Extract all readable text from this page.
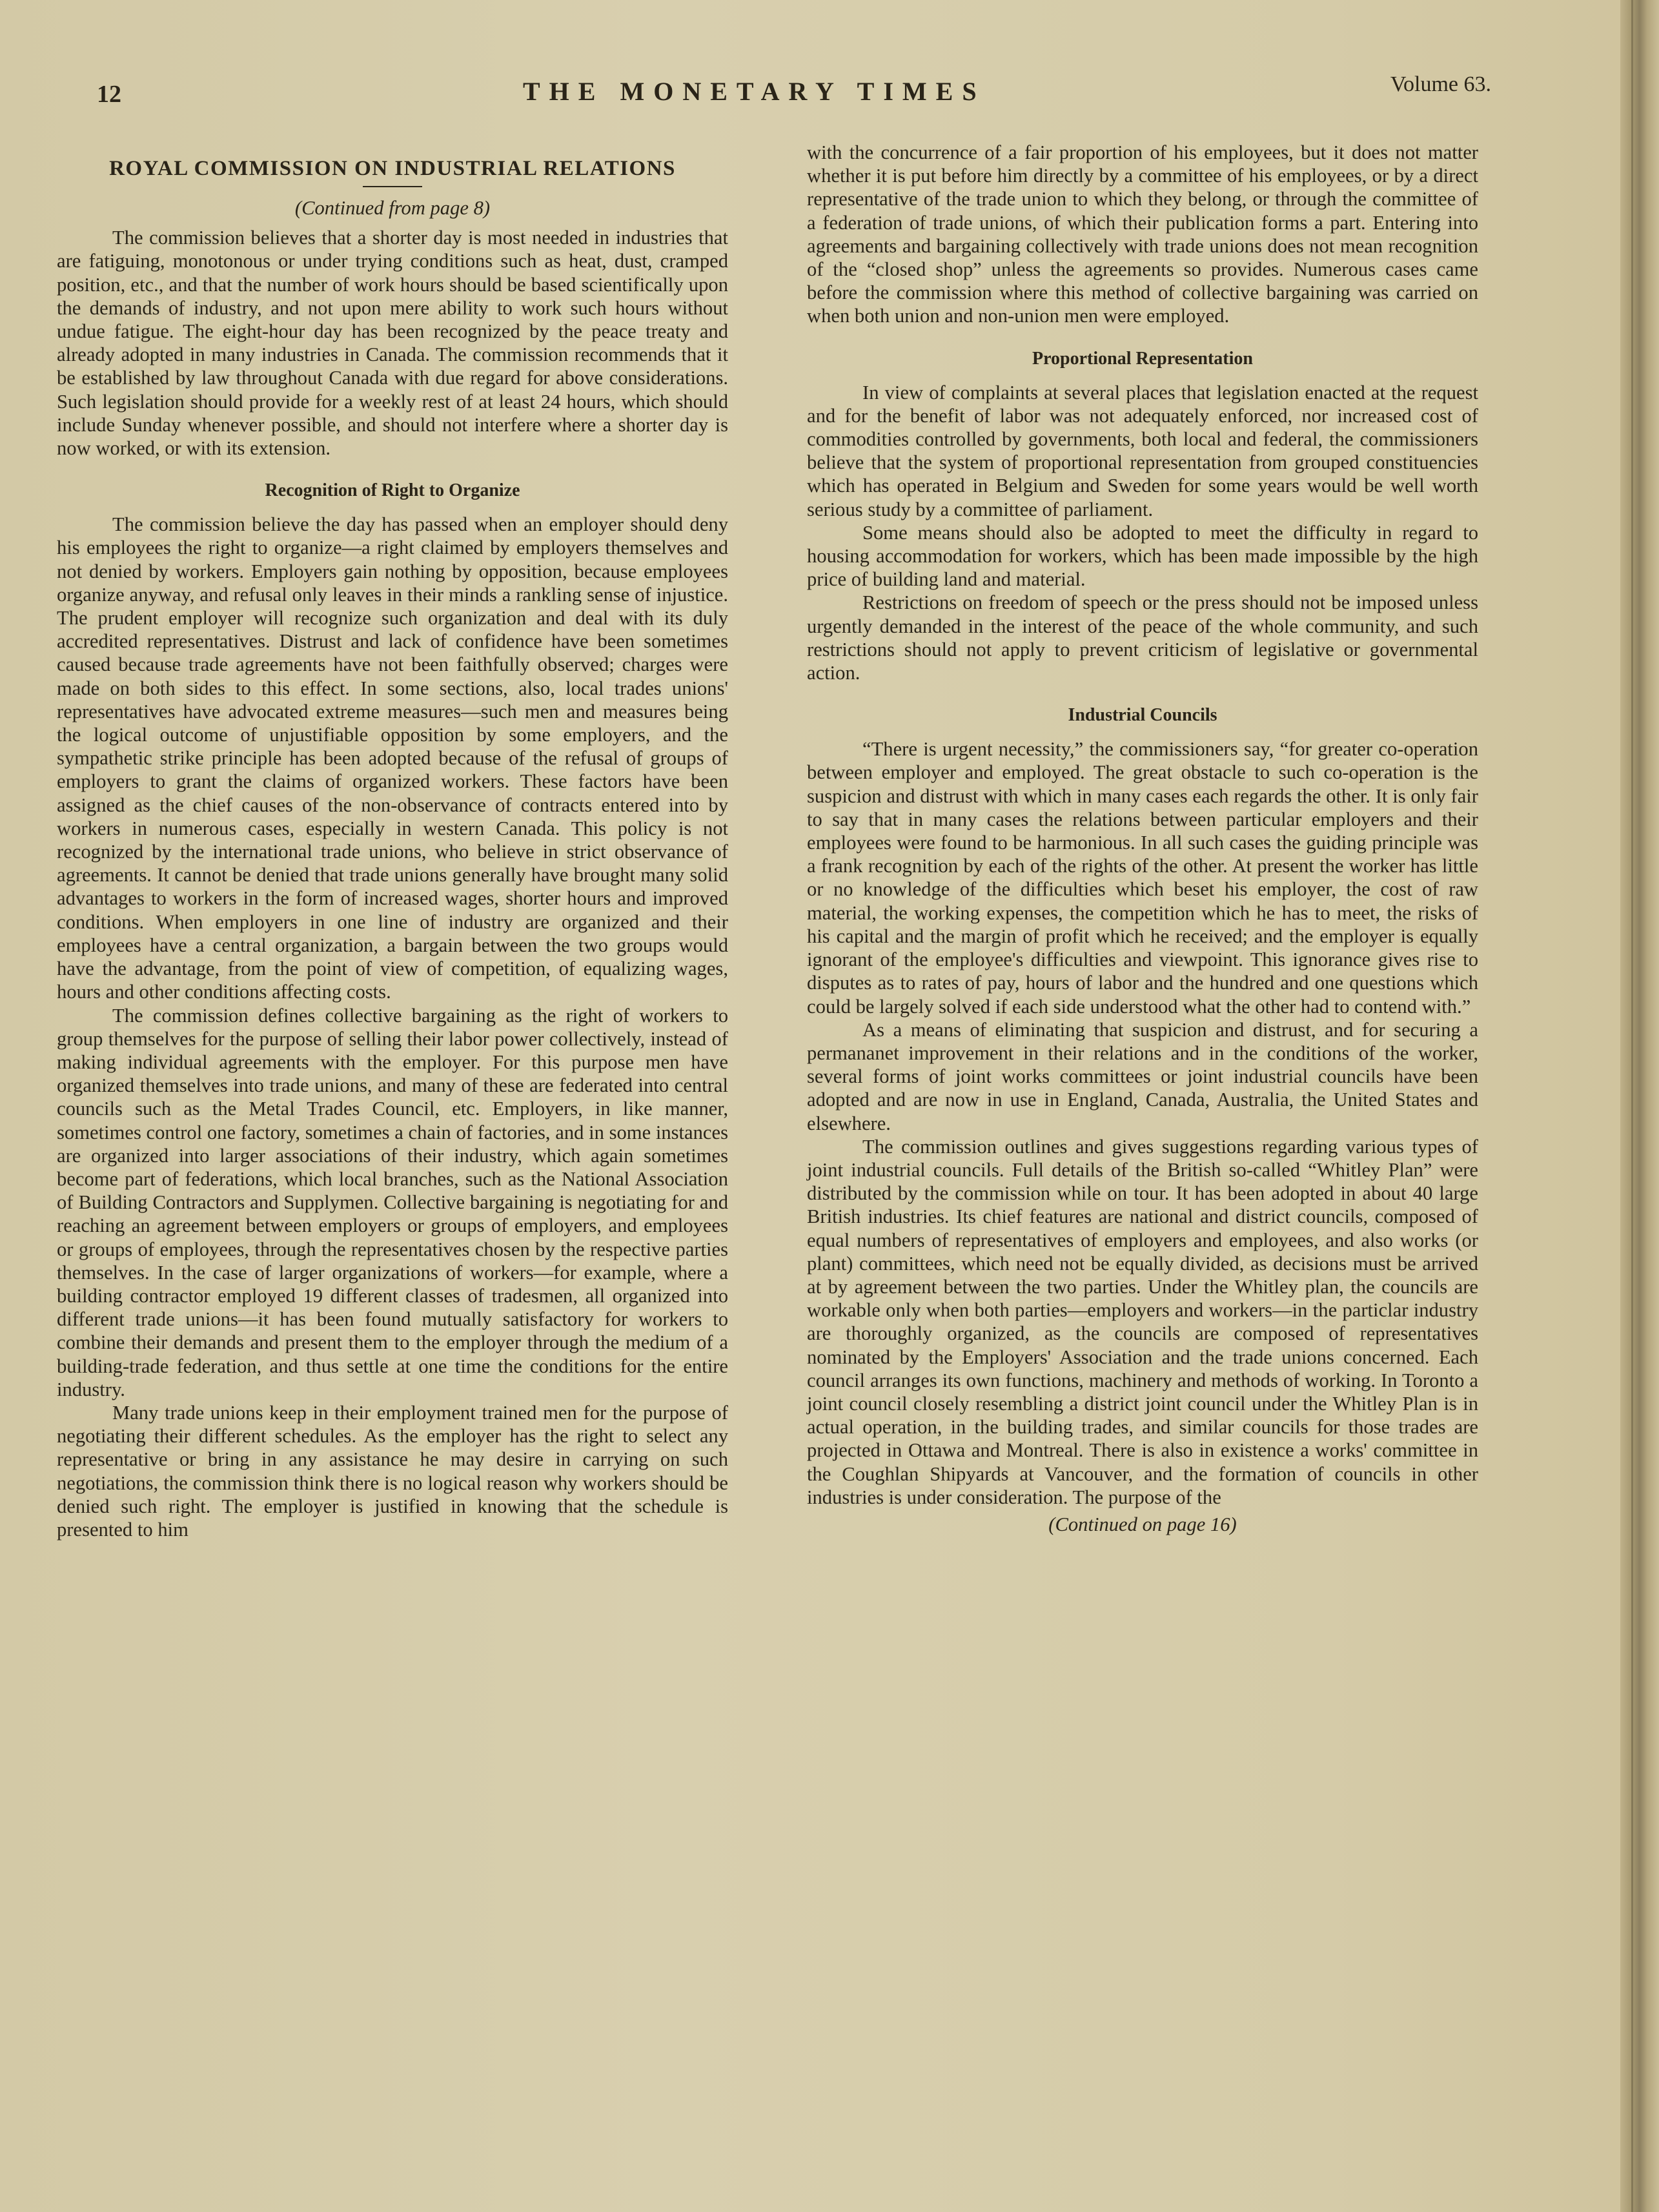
12	THE MONETARY TIMES	Volume 63.
ROYAL COMMISSION ON INDUSTRIAL RELATIONS
(Continued from page 8)

The commission believes that a shorter day is most needed in industries that are fatiguing, monotonous or under trying conditions such as heat, dust, cramped position, etc., and that the number of work hours should be based scientifically upon the demands of industry, and not upon mere ability to work such hours without undue fatigue. The eight-hour day has been recognized by the peace treaty and already adopted in many industries in Canada. The commission recommends that it be established by law throughout Canada with due regard for above considerations. Such legislation should provide for a weekly rest of at least 24 hours, which should include Sunday whenever possible, and should not interfere where a shorter day is now worked, or with its extension.

Recognition of Right to Organize

The commission believe the day has passed when an employer should deny his employees the right to organize—a right claimed by employers themselves and not denied by workers. Employers gain nothing by opposition, because employees organize anyway, and refusal only leaves in their minds a rankling sense of injustice. The prudent employer will recognize such organization and deal with its duly accredited representatives. Distrust and lack of confidence have been sometimes caused because trade agreements have not been faithfully observed; charges were made on both sides to this effect. In some sections, also, local trades unions' representatives have advocated extreme measures—such men and measures being the logical outcome of unjustifiable opposition by some employers, and the sympathetic strike principle has been adopted because of the refusal of groups of employers to grant the claims of organized workers. These factors have been assigned as the chief causes of the non-observance of contracts entered into by workers in numerous cases, especially in western Canada. This policy is not recognized by the international trade unions, who believe in strict observance of agreements. It cannot be denied that trade unions generally have brought many solid advantages to workers in the form of increased wages, shorter hours and improved conditions. When employers in one line of industry are organized and their employees have a central organization, a bargain between the two groups would have the advantage, from the point of view of competition, of equalizing wages, hours and other conditions affecting costs.

The commission defines collective bargaining as the right of workers to group themselves for the purpose of selling their labor power collectively, instead of making individual agreements with the employer. For this purpose men have organized themselves into trade unions, and many of these are federated into central councils such as the Metal Trades Council, etc. Employers, in like manner, sometimes control one factory, sometimes a chain of factories, and in some instances are organized into larger associations of their industry, which again sometimes become part of federations, which local branches, such as the National Association of Building Contractors and Supplymen. Collective bargaining is negotiating for and reaching an agreement between employers or groups of employers, and employees or groups of employees, through the representatives chosen by the respective parties themselves. In the case of larger organizations of workers—for example, where a building contractor employed 19 different classes of tradesmen, all organized into different trade unions—it has been found mutually satisfactory for workers to combine their demands and present them to the employer through the medium of a building-trade federation, and thus settle at one time the conditions for the entire industry.

Many trade unions keep in their employment trained men for the purpose of negotiating their different schedules. As the employer has the right to select any representative or bring in any assistance he may desire in carrying on such negotiations, the commission think there is no logical reason why workers should be denied such right. The employer is justified in knowing that the schedule is presented to him

with the concurrence of a fair proportion of his employees, but it does not matter whether it is put before him directly by a committee of his employees, or by a direct representative of the trade union to which they belong, or through the committee of a federation of trade unions, of which their publication forms a part. Entering into agreements and bargaining collectively with trade unions does not mean recognition of the “closed shop” unless the agreements so provides. Numerous cases came before the commission where this method of collective bargaining was carried on when both union and non-union men were employed.

Proportional Representation

In view of complaints at several places that legislation enacted at the request and for the benefit of labor was not adequately enforced, nor increased cost of commodities controlled by governments, both local and federal, the commissioners believe that the system of proportional representation from grouped constituencies which has operated in Belgium and Sweden for some years would be well worth serious study by a committee of parliament.

Some means should also be adopted to meet the difficulty in regard to housing accommodation for workers, which has been made impossible by the high price of building land and material.

Restrictions on freedom of speech or the press should not be imposed unless urgently demanded in the interest of the peace of the whole community, and such restrictions should not apply to prevent criticism of legislative or governmental action.

Industrial Councils

“There is urgent necessity,” the commissioners say, “for greater co-operation between employer and employed. The great obstacle to such co-operation is the suspicion and distrust with which in many cases each regards the other. It is only fair to say that in many cases the relations between particular employers and their employees were found to be harmonious. In all such cases the guiding principle was a frank recognition by each of the rights of the other. At present the worker has little or no knowledge of the difficulties which beset his employer, the cost of raw material, the working expenses, the competition which he has to meet, the risks of his capital and the margin of profit which he received; and the employer is equally ignorant of the employee's difficulties and viewpoint. This ignorance gives rise to disputes as to rates of pay, hours of labor and the hundred and one questions which could be largely solved if each side understood what the other had to contend with.”

As a means of eliminating that suspicion and distrust, and for securing a permananet improvement in their relations and in the conditions of the worker, several forms of joint works committees or joint industrial councils have been adopted and are now in use in England, Canada, Australia, the United States and elsewhere.

The commission outlines and gives suggestions regarding various types of joint industrial councils. Full details of the British so-called “Whitley Plan” were distributed by the commission while on tour. It has been adopted in about 40 large British industries. Its chief features are national and district councils, composed of equal numbers of representatives of employers and employees, and also works (or plant) committees, which need not be equally divided, as decisions must be arrived at by agreement between the two parties. Under the Whitley plan, the councils are workable only when both parties—employers and workers—in the particlar industry are thoroughly organized, as the councils are composed of representatives nominated by the Employers' Association and the trade unions concerned. Each council arranges its own functions, machinery and methods of working. In Toronto a joint council closely resembling a district joint council under the Whitley Plan is in actual operation, in the building trades, and similar councils for those trades are projected in Ottawa and Montreal. There is also in existence a works' committee in the Coughlan Shipyards at Vancouver, and the formation of councils in other industries is under consideration. The purpose of the

(Continued on page 16)
